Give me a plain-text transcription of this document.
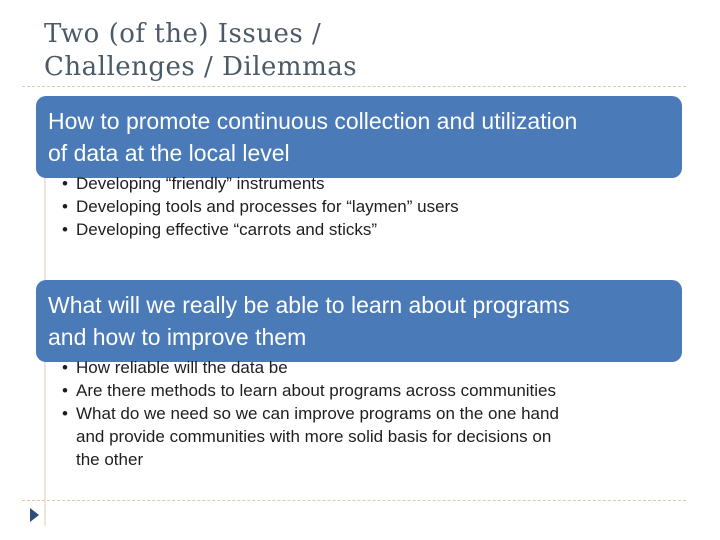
Two (of the) Issues /
Challenges / Dilemmas
How to promote continuous collection and utilization
of data at the local level
• Developing “friendly” instruments
• Developing tools and processes for “laymen” users
• Developing effective “carrots and sticks”
What will we really be able to learn about programs
and how to improve them
• How reliable will the data be
• Are there methods to learn about programs across communities
• What do we need so we can improve programs on the one hand
and provide communities with more solid basis for decisions on
the other
